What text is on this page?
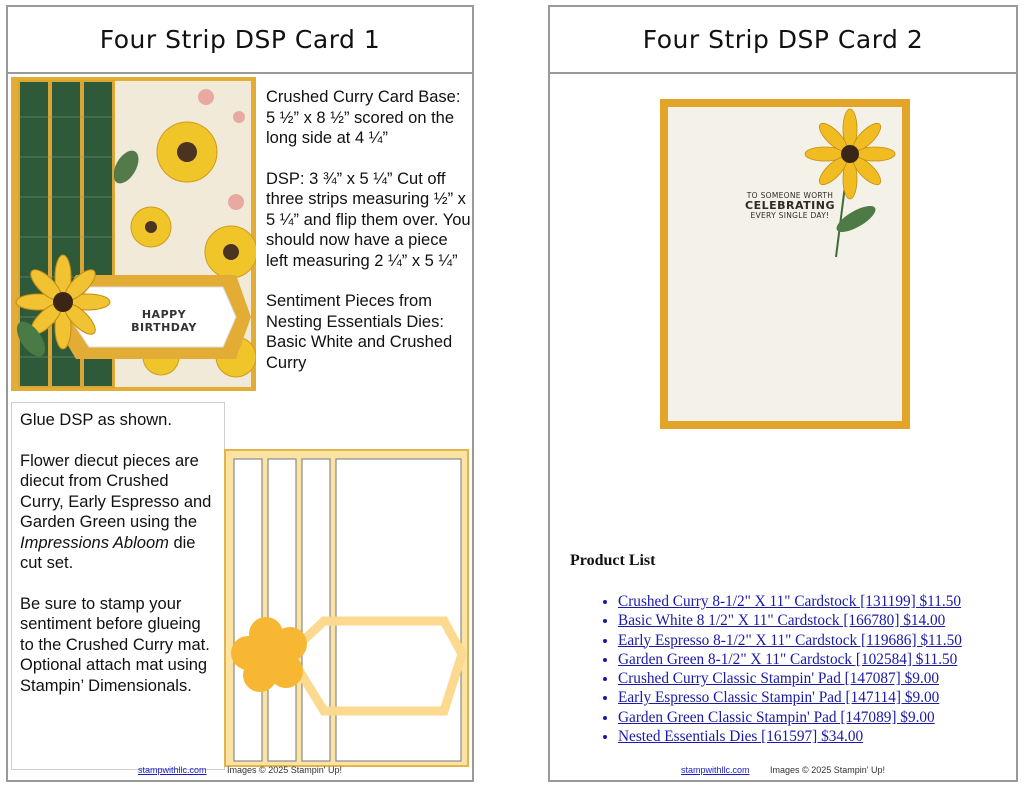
Four Strip DSP Card 1
HAPPY BIRTHDAY

Crushed Curry Card Base: 5 ½” x 8 ½” scored on the long side at 4 ¼”

DSP: 3 ¾” x 5 ¼” Cut off three strips measuring ½” x 5 ¼” and flip them over. You should now have a piece left measuring 2 ¼” x 5 ¼”

Sentiment Pieces from Nesting Essentials Dies: Basic White and Crushed Curry

Glue DSP as shown.

Flower diecut pieces are diecut from Crushed Curry, Early Espresso and Garden Green using the Impressions Abloom die cut set.

Be sure to stamp your sentiment before glueing to the Crushed Curry mat. Optional attach mat using Stampin’ Dimensionals.

stampwithllc.com Images © 2025 Stampin' Up!
Four Strip DSP Card 2
TO SOMEONE WORTH
CELEBRATING
EVERY SINGLE DAY!
Product List
• Crushed Curry 8-1/2" X 11" Cardstock [131199] $11.50
• Basic White 8 1/2" X 11" Cardstock [166780] $14.00
• Early Espresso 8-1/2" X 11" Cardstock [119686] $11.50
• Garden Green 8-1/2" X 11" Cardstock [102584] $11.50
• Crushed Curry Classic Stampin' Pad [147087] $9.00
• Early Espresso Classic Stampin' Pad [147114] $9.00
• Garden Green Classic Stampin' Pad [147089] $9.00
• Nested Essentials Dies [161597] $34.00
stampwithllc.com Images © 2025 Stampin' Up!
